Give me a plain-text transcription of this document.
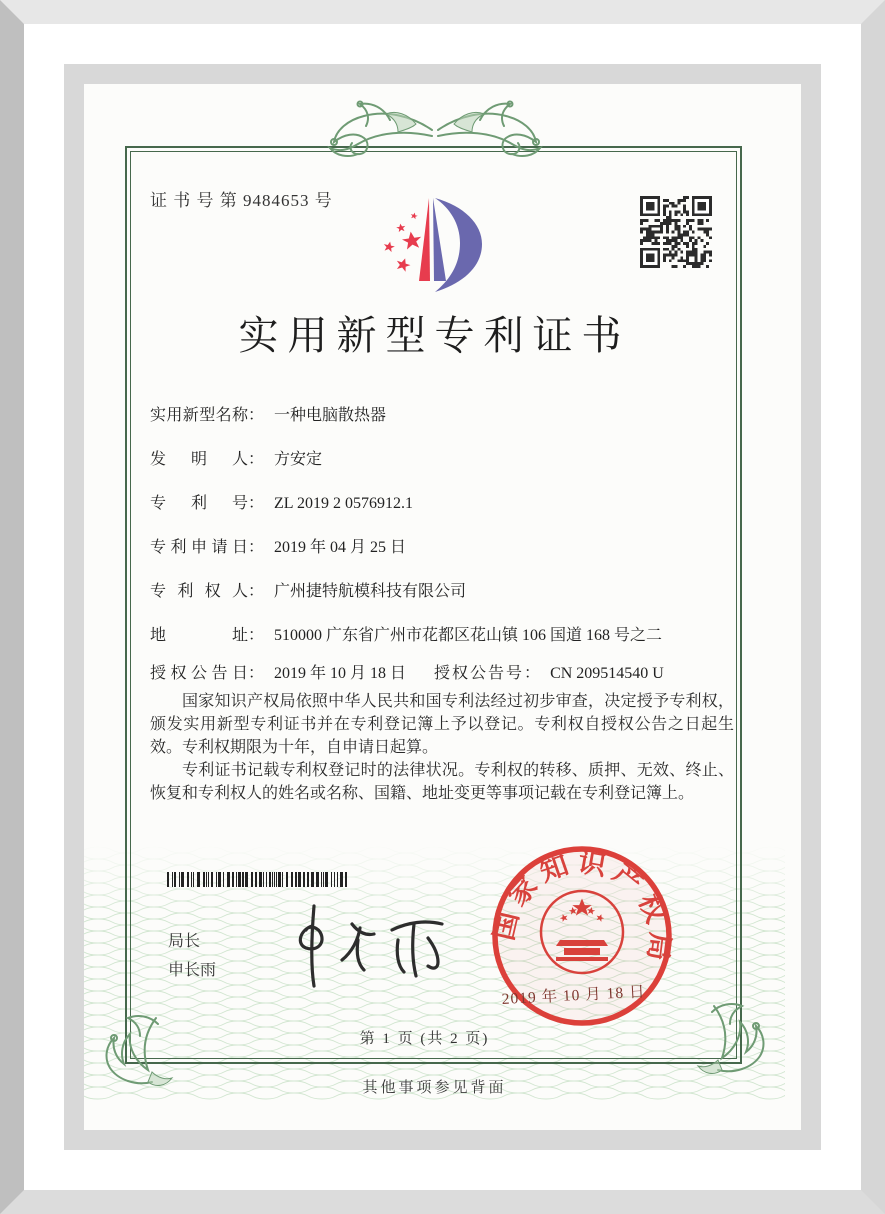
证 书 号 第 9484653 号
实用新型专利证书
实用新型名称： 一种电脑散热器
发明人： 方安定
专利号： ZL 2019 2 0576912.1
专利申请日： 2019 年 04 月 25 日
专利权人： 广州捷特航模科技有限公司
地址： 510000 广东省广州市花都区花山镇 106 国道 168 号之二
授权公告日： 2019 年 10 月 18 日 授权公告号： CN 209514540 U

国家知识产权局依照中华人民共和国专利法经过初步审查，决定授予专利权，颁发实用新型专利证书并在专利登记簿上予以登记。专利权自授权公告之日起生效。专利权期限为十年，自申请日起算。

专利证书记载专利权登记时的法律状况。专利权的转移、质押、无效、终止、恢复和专利权人的姓名或名称、国籍、地址变更等事项记载在专利登记簿上。

局长
申长雨
国家知识产权局
2019 年 10 月 18 日
第 1 页 (共 2 页)
其他事项参见背面
